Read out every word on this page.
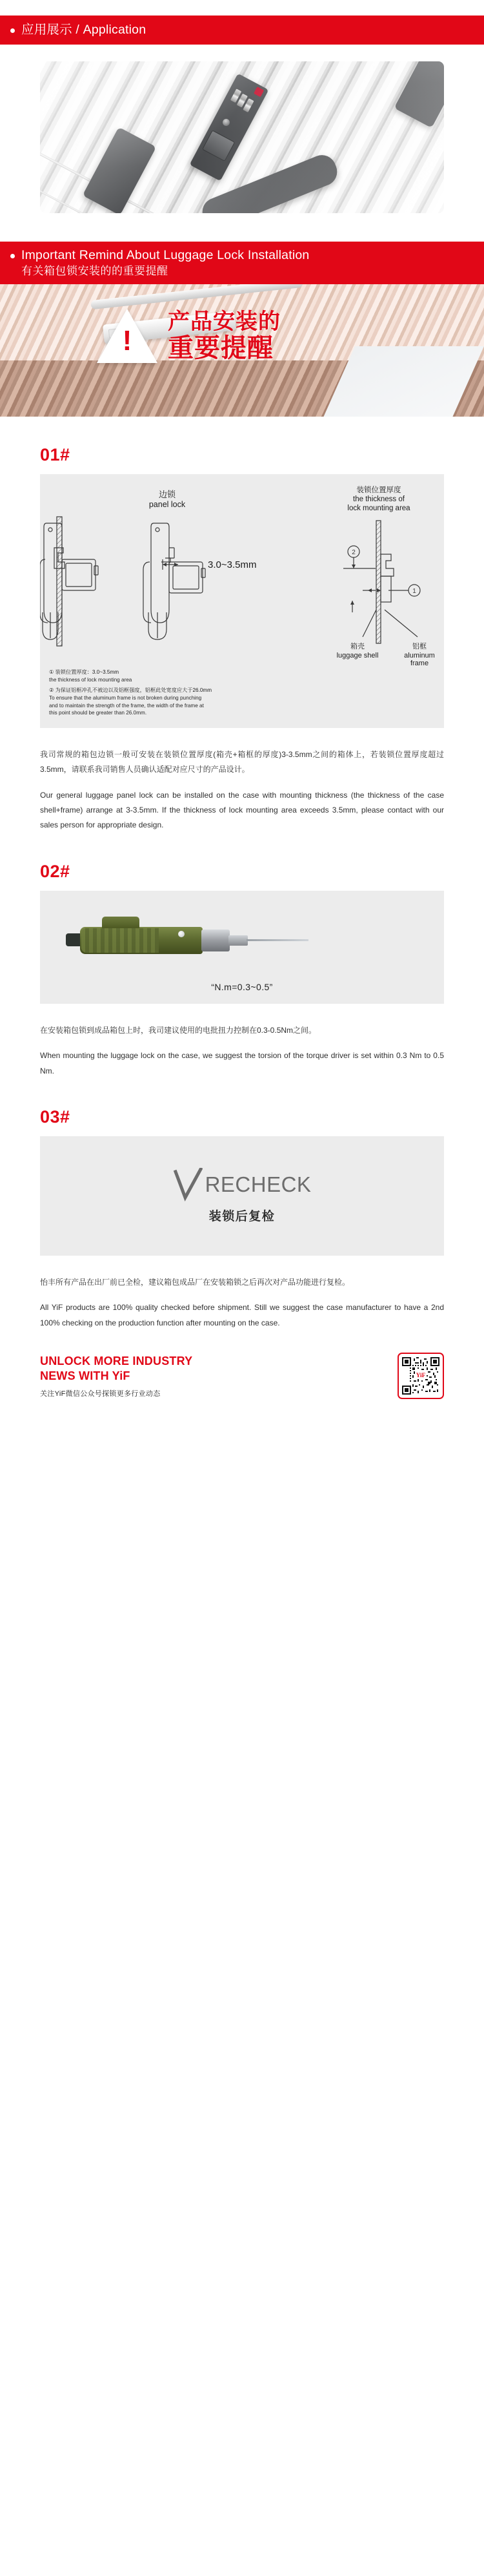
应用展示 / Application
Important Remind About Luggage Lock Installation
有关箱包锁安装的的重要提醒
!
产品安装的
重要提醒
01#
2
1
边锁
panel lock
3.0~3.5mm
装锁位置厚度
the thickness of
lock mounting area
箱壳
luggage shell
铝框
aluminum
frame

① 装锁位置厚度：3.0~3.5mm
the thickness of lock mounting area

② 为保证铝框冲孔不被边以及铝框强度，铝框此处宽度应大于26.0mm
To ensure that the aluminum frame is not broken during punching
and to maintain the strength of the frame, the width of the frame at
this point should be greater than 26.0mm.

我司常规的箱包边锁一般可安装在装锁位置厚度(箱壳+箱框的厚度)3-3.5mm之间的箱体上，若装锁位置厚度超过3.5mm，请联系我司销售人员确认适配对应尺寸的产品设计。
Our general luggage panel lock can be installed on the case with mounting thickness (the thickness of the case shell+frame) arrange at 3-3.5mm. If the thickness of lock mounting area exceeds 3.5mm, please contact with our sales person for appropriate design.
02#
“N.m=0.3~0.5”
在安装箱包锁到成品箱包上时，我司建议使用的电批扭力控制在0.3-0.5Nm之间。
When mounting the luggage lock on the case, we suggest the torsion of the torque driver is set within 0.3 Nm to 0.5 Nm.
03#
RECHECK
装锁后复检
怡丰所有产品在出厂前已全检，建议箱包成品厂在安装箱锁之后再次对产品功能进行复检。
All YiF products are 100% quality checked before shipment. Still we suggest the case manufacturer to have a 2nd 100% checking on the production function after mounting on the case.
UNLOCK MORE INDUSTRY
NEWS WITH YiF
关注YiF微信公众号探锁更多行业动态
YiF
